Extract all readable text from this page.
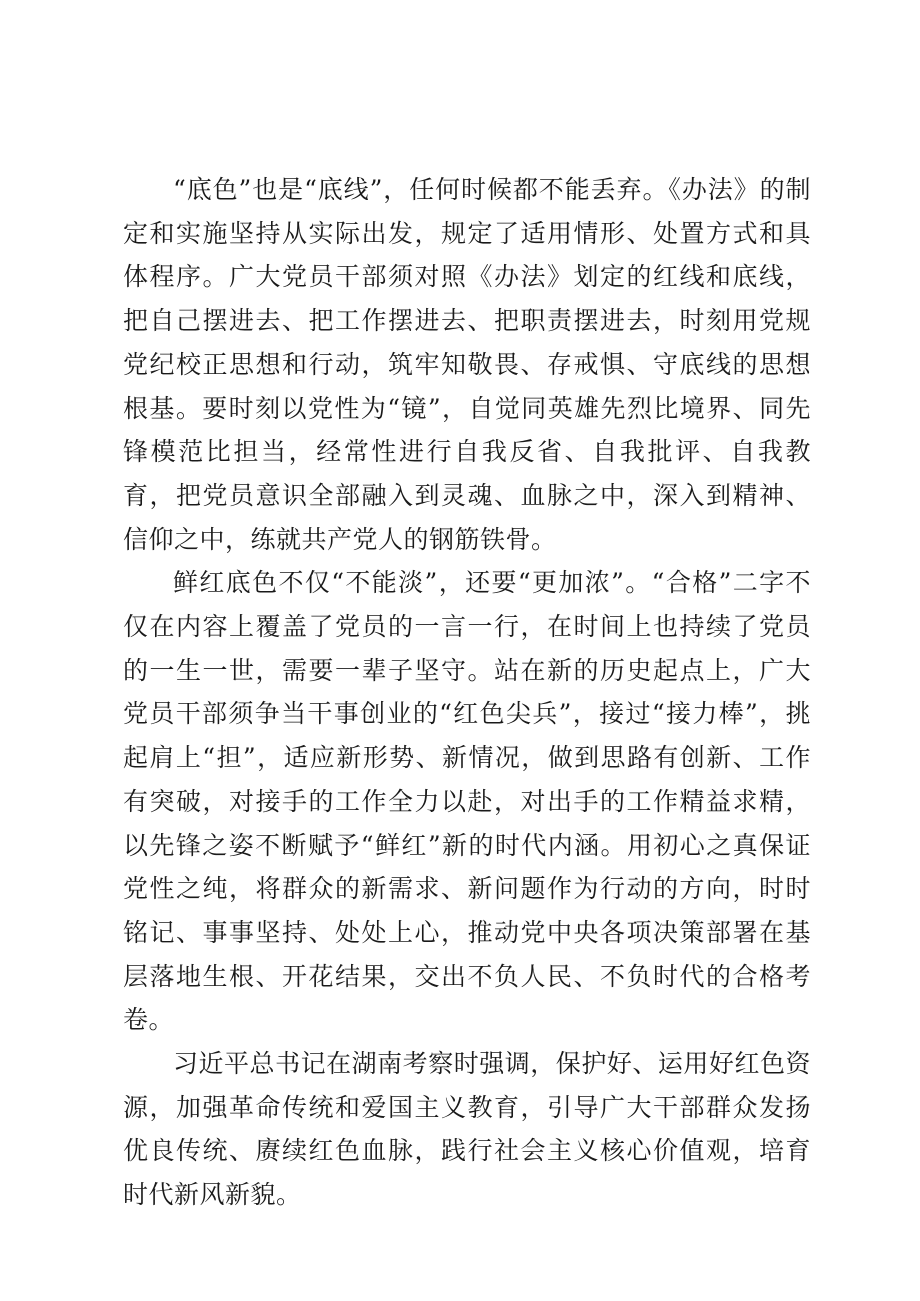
“底色”也是“底线”，任何时候都不能丢弃。《办法》的制定和实施坚持从实际出发，规定了适用情形、处置方式和具体程序。广大党员干部须对照《办法》划定的红线和底线，把自己摆进去、把工作摆进去、把职责摆进去，时刻用党规党纪校正思想和行动，筑牢知敬畏、存戒惧、守底线的思想根基。要时刻以党性为“镜”，自觉同英雄先烈比境界、同先锋模范比担当，经常性进行自我反省、自我批评、自我教育，把党员意识全部融入到灵魂、血脉之中，深入到精神、信仰之中，练就共产党人的钢筋铁骨。

鲜红底色不仅“不能淡”，还要“更加浓”。“合格”二字不仅在内容上覆盖了党员的一言一行，在时间上也持续了党员的一生一世，需要一辈子坚守。站在新的历史起点上，广大党员干部须争当干事创业的“红色尖兵”，接过“接力棒”，挑起肩上“担”，适应新形势、新情况，做到思路有创新、工作有突破，对接手的工作全力以赴，对出手的工作精益求精，以先锋之姿不断赋予“鲜红”新的时代内涵。用初心之真保证党性之纯，将群众的新需求、新问题作为行动的方向，时时铭记、事事坚持、处处上心，推动党中央各项决策部署在基层落地生根、开花结果，交出不负人民、不负时代的合格考卷。

习近平总书记在湖南考察时强调，保护好、运用好红色资源，加强革命传统和爱国主义教育，引导广大干部群众发扬优良传统、赓续红色血脉，践行社会主义核心价值观，培育时代新风新貌。
